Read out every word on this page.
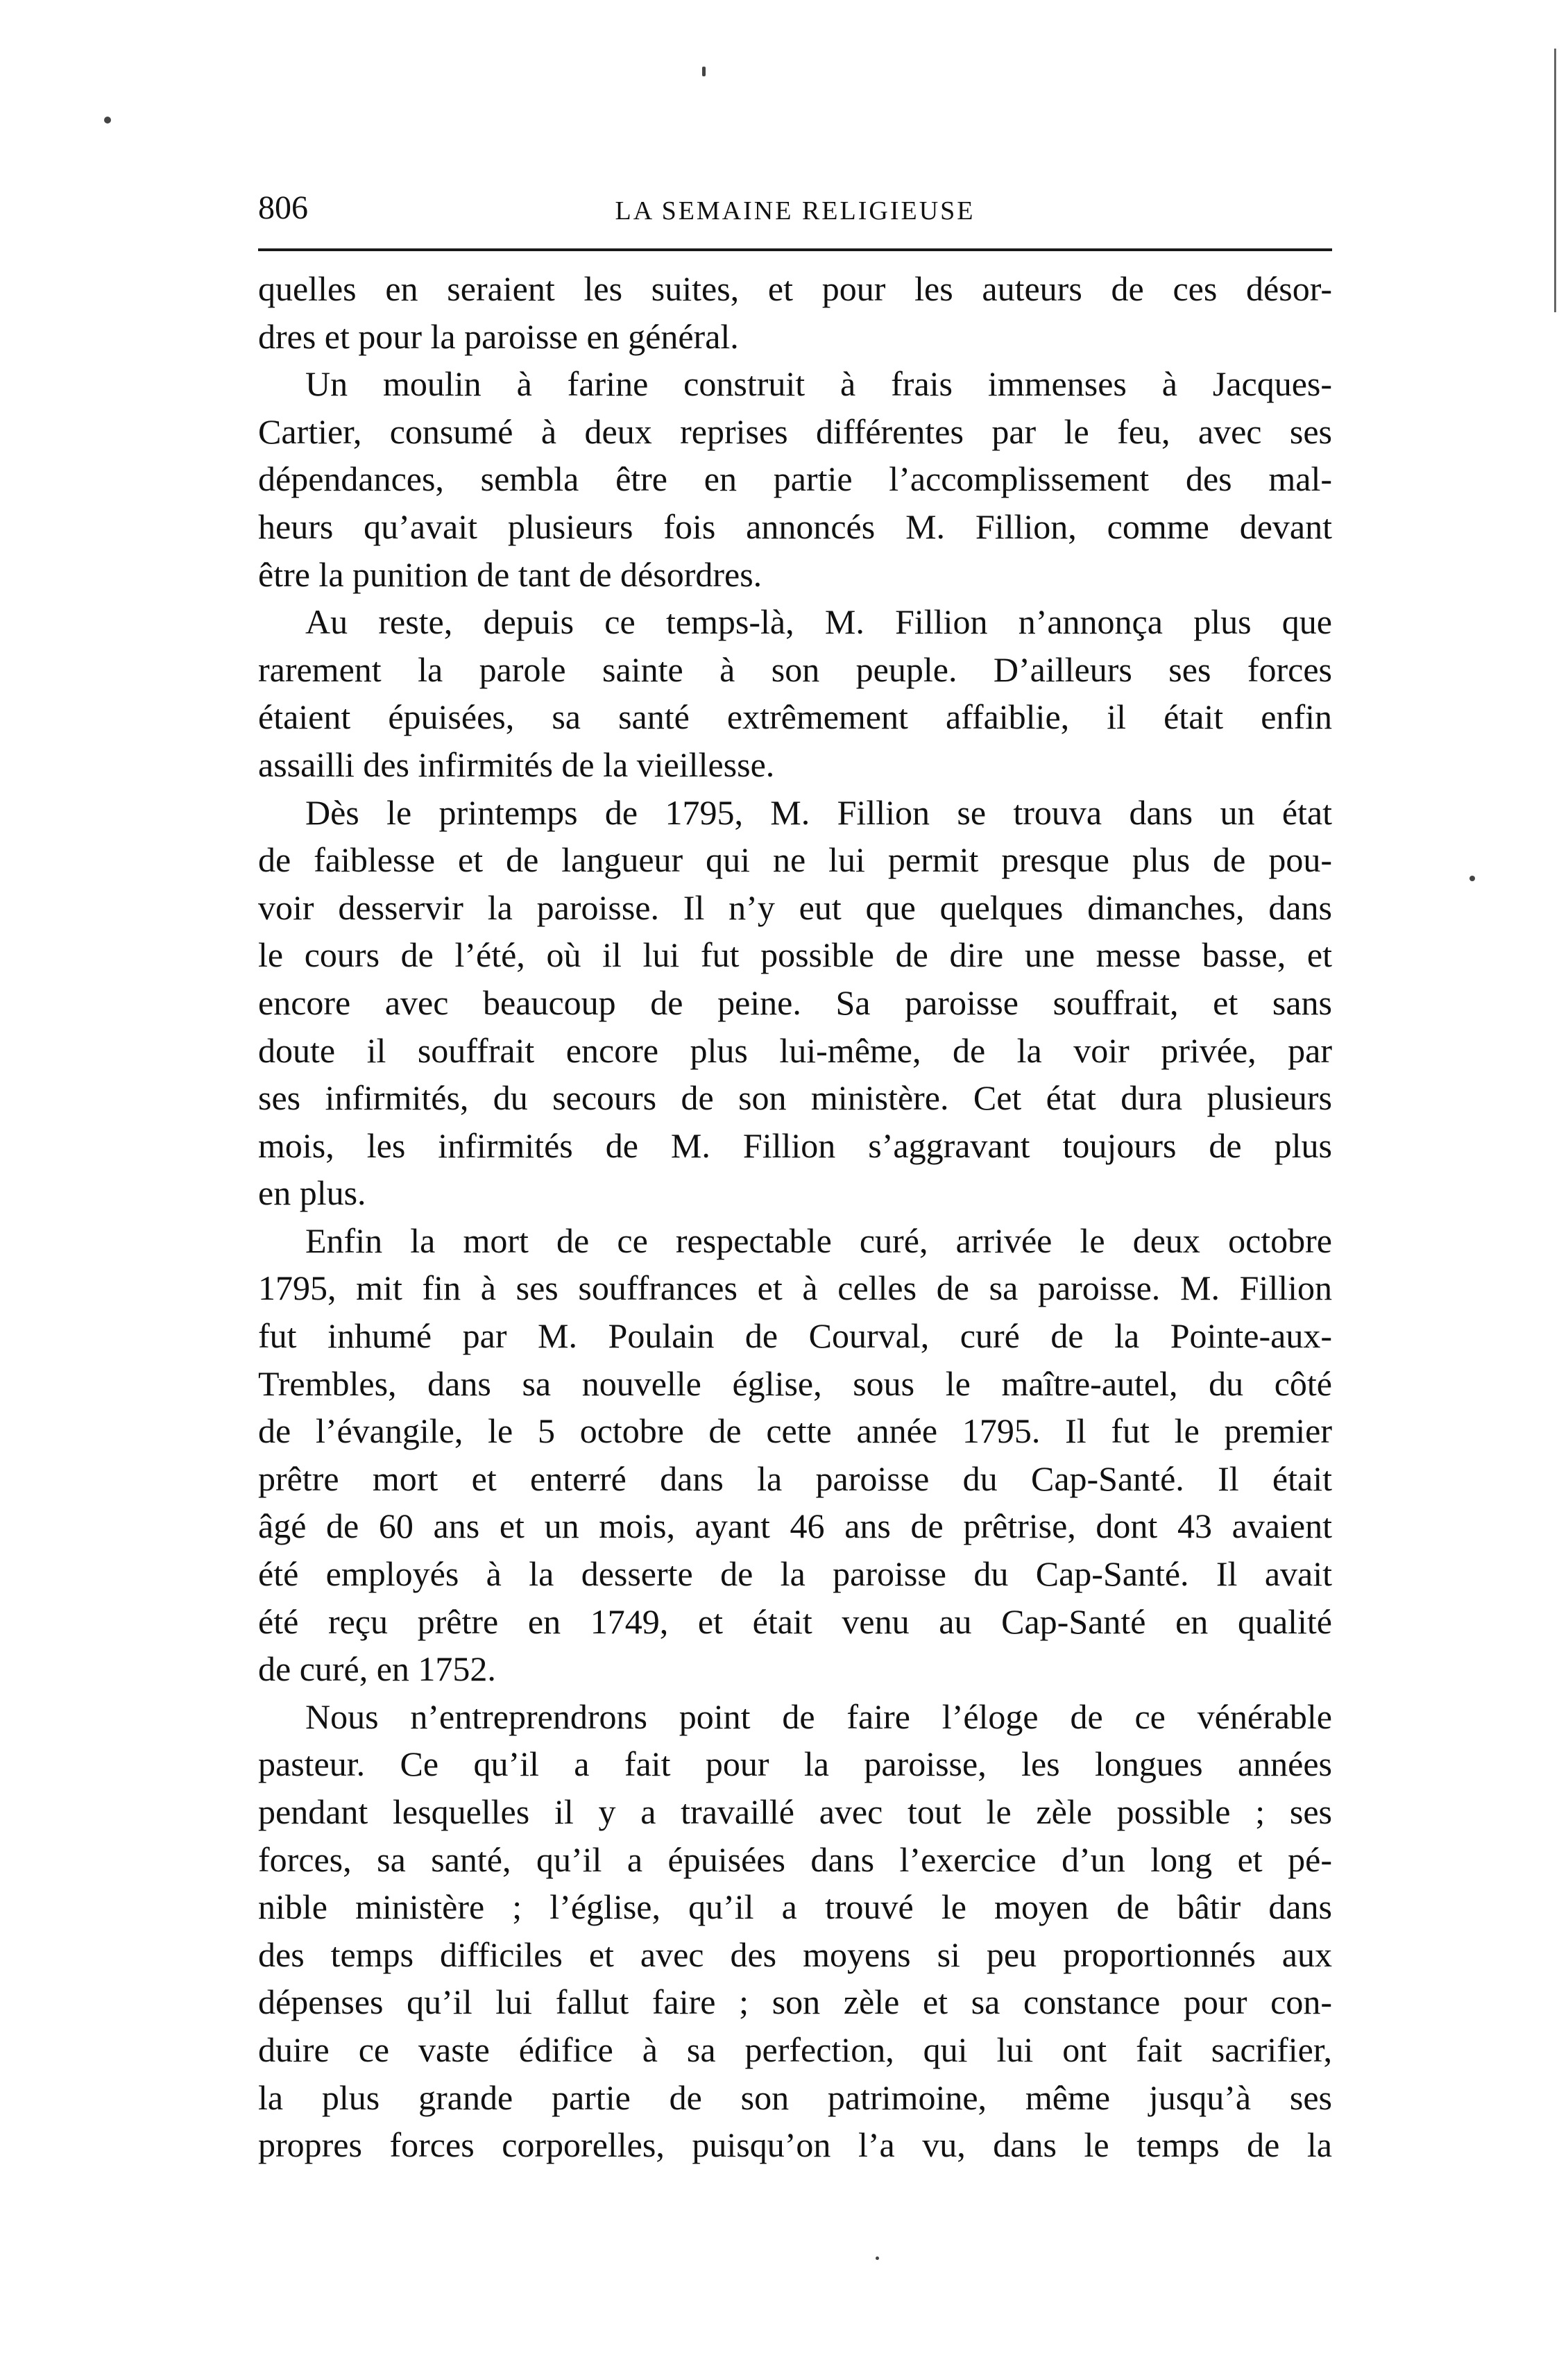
806	LA SEMAINE RELIGIEUSE
quelles en seraient les suites, et pour les auteurs de ces désor-
dres et pour la paroisse en général.
Un moulin à farine construit à frais immenses à Jacques-
Cartier, consumé à deux reprises différentes par le feu, avec ses
dépendances, sembla être en partie l’accomplissement des mal-
heurs qu’avait plusieurs fois annoncés M. Fillion, comme devant
être la punition de tant de désordres.
Au reste, depuis ce temps-là, M. Fillion n’annonça plus que
rarement la parole sainte à son peuple. D’ailleurs ses forces
étaient épuisées, sa santé extrêmement affaiblie, il était enfin
assailli des infirmités de la vieillesse.
Dès le printemps de 1795, M. Fillion se trouva dans un état
de faiblesse et de langueur qui ne lui permit presque plus de pou-
voir desservir la paroisse. Il n’y eut que quelques dimanches, dans
le cours de l’été, où il lui fut possible de dire une messe basse, et
encore avec beaucoup de peine. Sa paroisse souffrait, et sans
doute il souffrait encore plus lui-même, de la voir privée, par
ses infirmités, du secours de son ministère. Cet état dura plusieurs
mois, les infirmités de M. Fillion s’aggravant toujours de plus
en plus.
Enfin la mort de ce respectable curé, arrivée le deux octobre
1795, mit fin à ses souffrances et à celles de sa paroisse. M. Fillion
fut inhumé par M. Poulain de Courval, curé de la Pointe-aux-
Trembles, dans sa nouvelle église, sous le maître-autel, du côté
de l’évangile, le 5 octobre de cette année 1795. Il fut le premier
prêtre mort et enterré dans la paroisse du Cap-Santé. Il était
âgé de 60 ans et un mois, ayant 46 ans de prêtrise, dont 43 avaient
été employés à la desserte de la paroisse du Cap-Santé. Il avait
été reçu prêtre en 1749, et était venu au Cap-Santé en qualité
de curé, en 1752.
Nous n’entreprendrons point de faire l’éloge de ce vénérable
pasteur. Ce qu’il a fait pour la paroisse, les longues années
pendant lesquelles il y a travaillé avec tout le zèle possible ; ses
forces, sa santé, qu’il a épuisées dans l’exercice d’un long et pé-
nible ministère ; l’église, qu’il a trouvé le moyen de bâtir dans
des temps difficiles et avec des moyens si peu proportionnés aux
dépenses qu’il lui fallut faire ; son zèle et sa constance pour con-
duire ce vaste édifice à sa perfection, qui lui ont fait sacrifier,
la plus grande partie de son patrimoine, même jusqu’à ses
propres forces corporelles, puisqu’on l’a vu, dans le temps de la
